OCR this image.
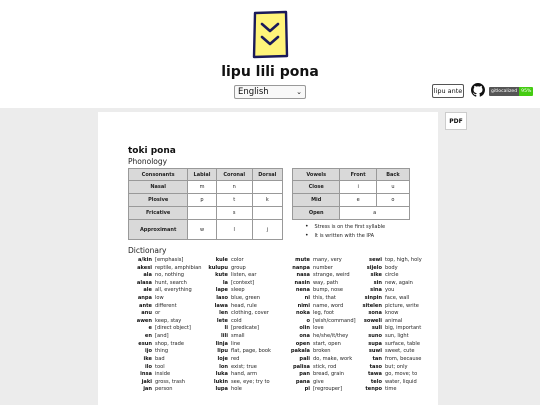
lipu lili pona
English	⌄	lipu ante	gitlocalized 95%
PDF
toki pona
Phonology
Consonants	Labial	Coronal	Dorsal
Nasal	m	n	
Plosive	p	t	k
Fricative		s	
Approximant	w	l	j
Vowels	Front	Back
Close	i	u
Mid	e	o
Open	a	
• Stress is on the first syllable
• It is written with the IPA
Dictionary
a/kin [emphasis]
akesi reptile, amphibian
ala no, nothing
alasa hunt, search
ale all, everything
anpa low
ante different
anu or
awen keep, stay
e [direct object]
en [and]
esun shop, trade
ijo thing
ike bad
ilo tool
insa inside
jaki gross, trash
jan person
kule color
kulupu group
kute listen, ear
la [context]
lape sleep
laso blue, green
lawa head, rule
len clothing, cover
lete cold
li [predicate]
lili small
linja line
lipu flat, page, book
loje red
lon exist; true
luka hand, arm
lukin see, eye; try to
lupa hole
mute many, very
nanpa number
nasa strange, weird
nasin way, path
nena bump, nose
ni this, that
nimi name, word
noka leg, foot
o [wish/command]
olin love
ona he/she/it/they
open start, open
pakala broken
pali do, make, work
palisa stick, rod
pan bread, grain
pana give
pi [regrouper]
sewi top, high, holy
sijelo body
sike circle
sin new, again
sina you
sinpin face, wall
sitelen picture, write
sona know
soweli animal
suli big, important
suno sun, light
supa surface, table
suwi sweet, cute
tan from, because
taso but; only
tawa go, move; to
telo water, liquid
tenpo time
